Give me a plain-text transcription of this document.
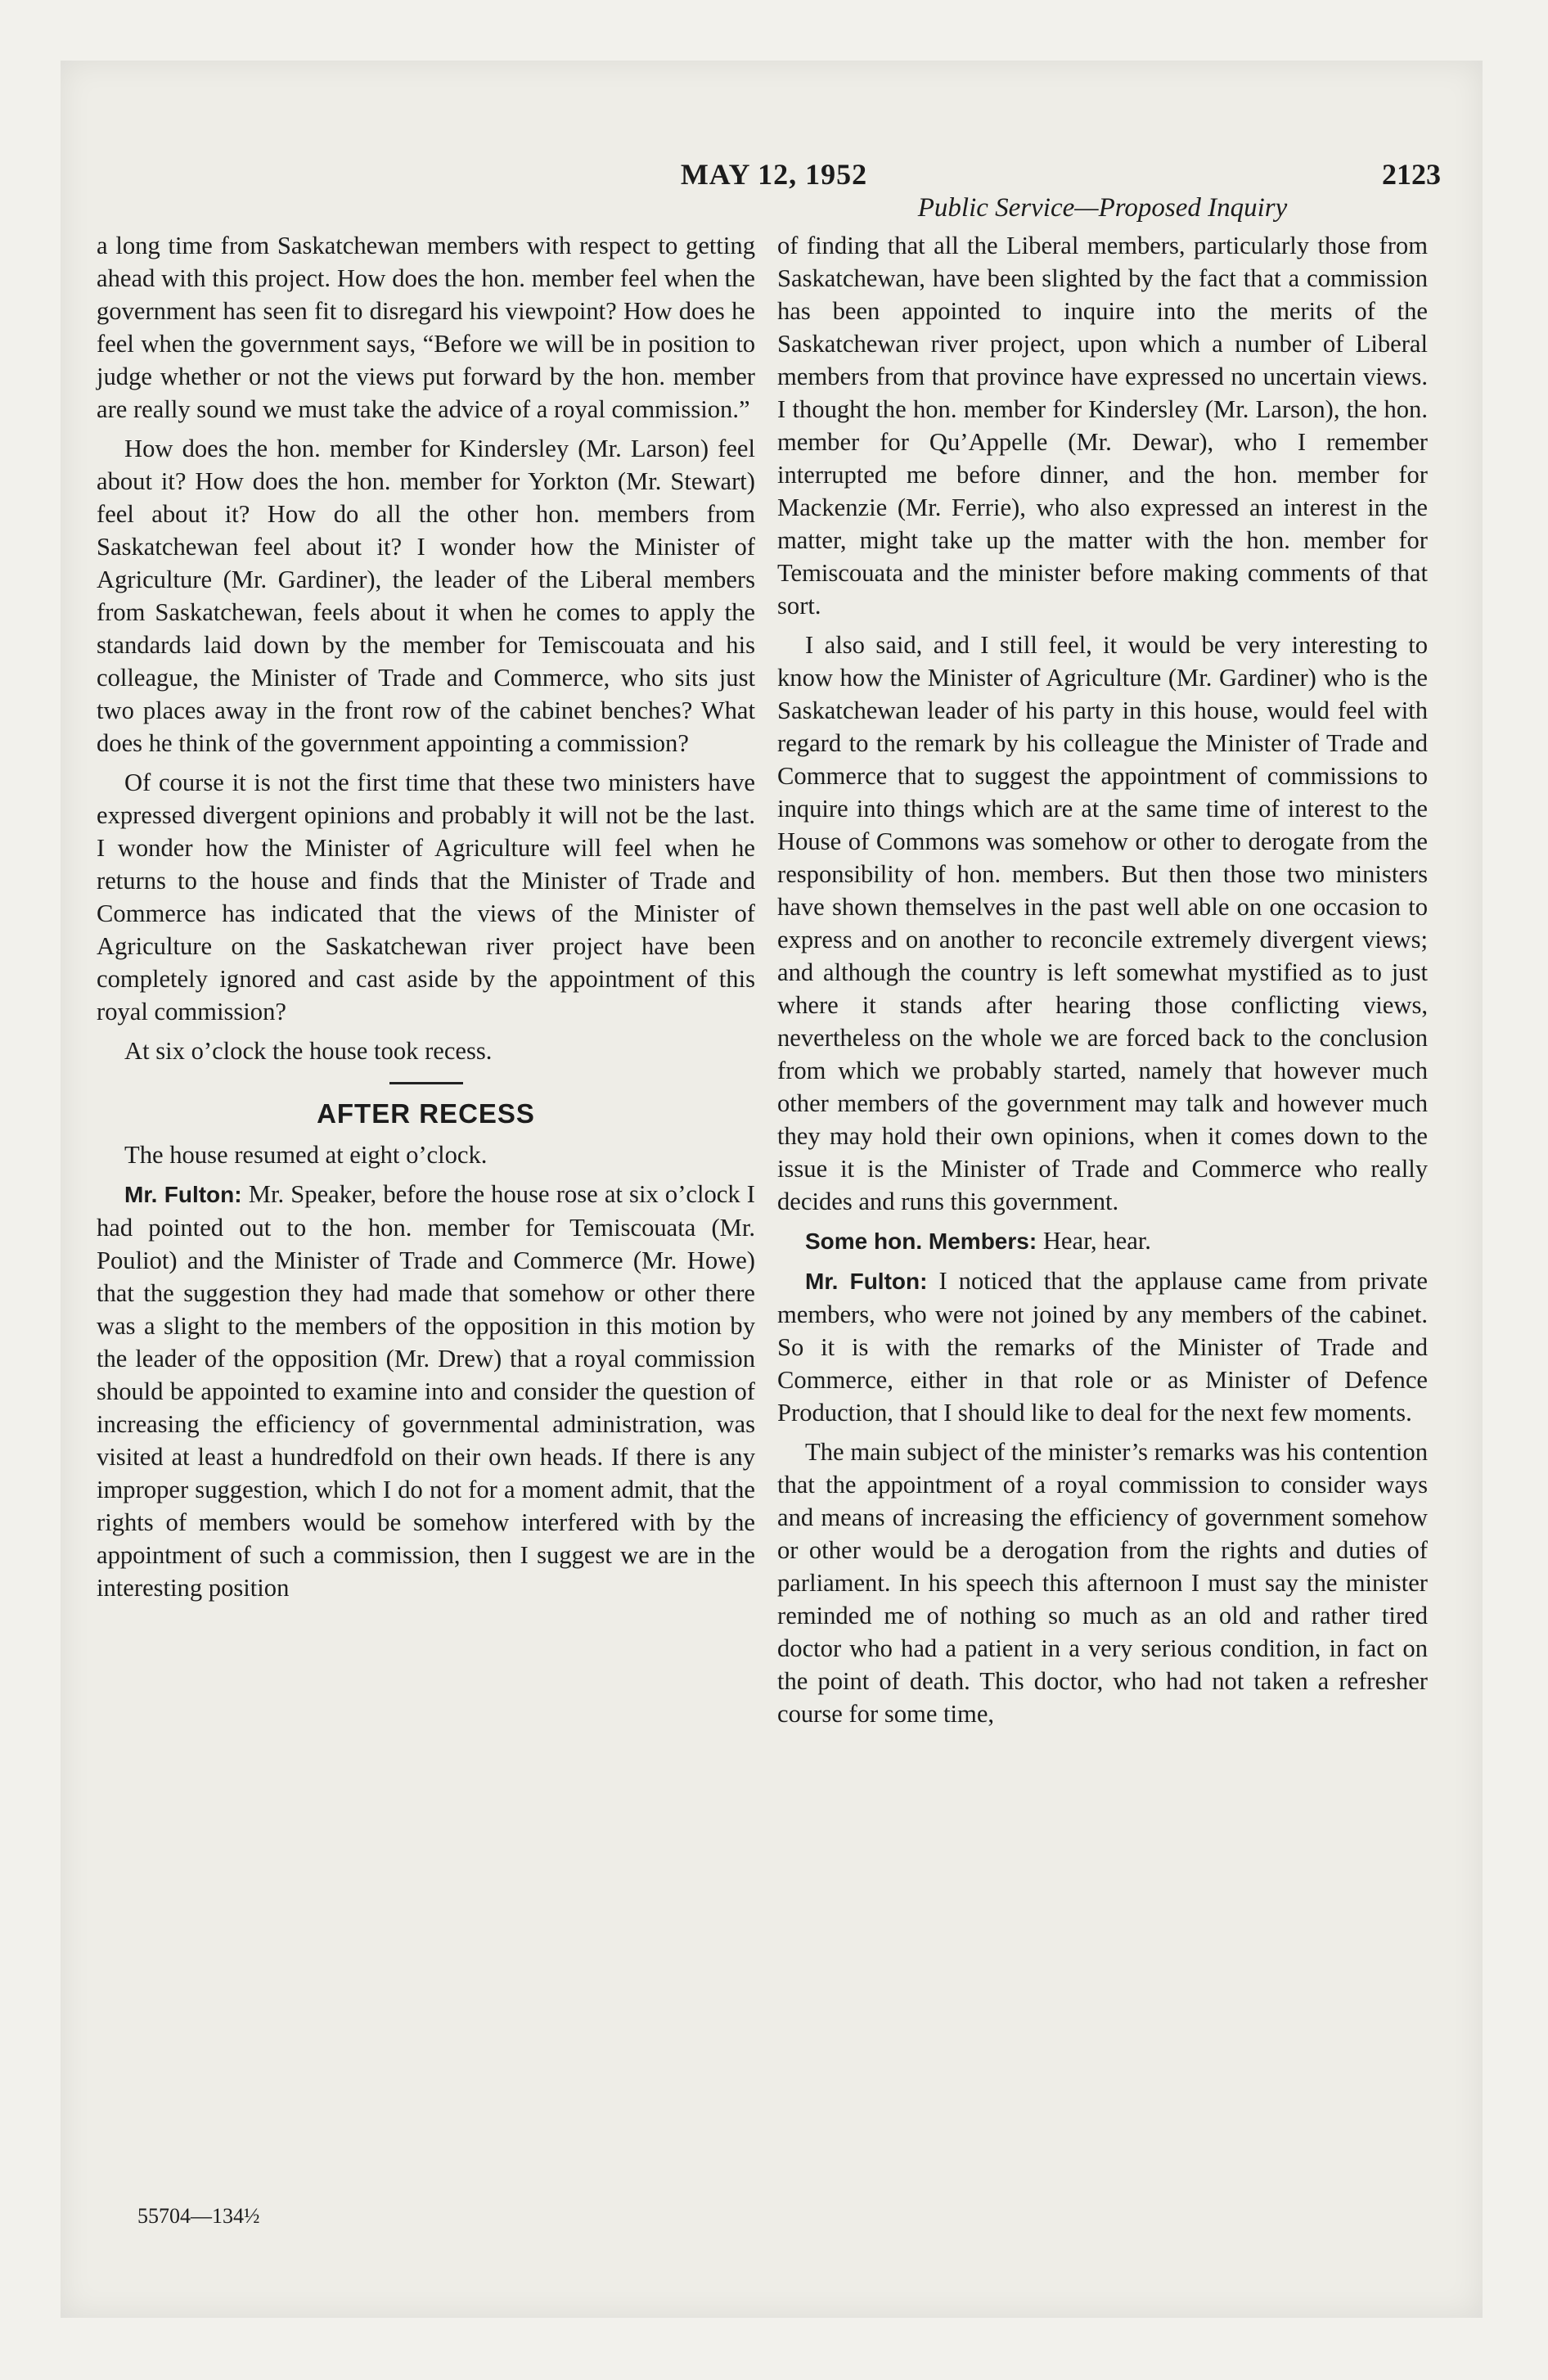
MAY 12, 1952	2123
Public Service—Proposed Inquiry

a long time from Saskatchewan members with respect to getting ahead with this project. How does the hon. member feel when the government has seen fit to disregard his viewpoint? How does he feel when the government says, “Before we will be in position to judge whether or not the views put forward by the hon. member are really sound we must take the advice of a royal commission.”

How does the hon. member for Kindersley (Mr. Larson) feel about it? How does the hon. member for Yorkton (Mr. Stewart) feel about it? How do all the other hon. members from Saskatchewan feel about it? I wonder how the Minister of Agriculture (Mr. Gardiner), the leader of the Liberal members from Saskatchewan, feels about it when he comes to apply the standards laid down by the member for Temiscouata and his colleague, the Minister of Trade and Commerce, who sits just two places away in the front row of the cabinet benches? What does he think of the government appointing a commission?

Of course it is not the first time that these two ministers have expressed divergent opinions and probably it will not be the last. I wonder how the Minister of Agriculture will feel when he returns to the house and finds that the Minister of Trade and Commerce has indicated that the views of the Minister of Agriculture on the Saskatchewan river project have been completely ignored and cast aside by the appointment of this royal commission?

At six o’clock the house took recess.

AFTER RECESS

The house resumed at eight o’clock.

Mr. Fulton: Mr. Speaker, before the house rose at six o’clock I had pointed out to the hon. member for Temiscouata (Mr. Pouliot) and the Minister of Trade and Commerce (Mr. Howe) that the suggestion they had made that somehow or other there was a slight to the members of the opposition in this motion by the leader of the opposition (Mr. Drew) that a royal commission should be appointed to examine into and consider the question of increasing the efficiency of governmental administration, was visited at least a hundredfold on their own heads. If there is any improper suggestion, which I do not for a moment admit, that the rights of members would be somehow interfered with by the appointment of such a commission, then I suggest we are in the interesting position

of finding that all the Liberal members, particularly those from Saskatchewan, have been slighted by the fact that a commission has been appointed to inquire into the merits of the Saskatchewan river project, upon which a number of Liberal members from that province have expressed no uncertain views. I thought the hon. member for Kindersley (Mr. Larson), the hon. member for Qu’Appelle (Mr. Dewar), who I remember interrupted me before dinner, and the hon. member for Mackenzie (Mr. Ferrie), who also expressed an interest in the matter, might take up the matter with the hon. member for Temiscouata and the minister before making comments of that sort.

I also said, and I still feel, it would be very interesting to know how the Minister of Agriculture (Mr. Gardiner) who is the Saskatchewan leader of his party in this house, would feel with regard to the remark by his colleague the Minister of Trade and Commerce that to suggest the appointment of commissions to inquire into things which are at the same time of interest to the House of Commons was somehow or other to derogate from the responsibility of hon. members. But then those two ministers have shown themselves in the past well able on one occasion to express and on another to reconcile extremely divergent views; and although the country is left somewhat mystified as to just where it stands after hearing those conflicting views, nevertheless on the whole we are forced back to the conclusion from which we probably started, namely that however much other members of the government may talk and however much they may hold their own opinions, when it comes down to the issue it is the Minister of Trade and Commerce who really decides and runs this government.

Some hon. Members: Hear, hear.

Mr. Fulton: I noticed that the applause came from private members, who were not joined by any members of the cabinet. So it is with the remarks of the Minister of Trade and Commerce, either in that role or as Minister of Defence Production, that I should like to deal for the next few moments.

The main subject of the minister’s remarks was his contention that the appointment of a royal commission to consider ways and means of increasing the efficiency of government somehow or other would be a derogation from the rights and duties of parliament. In his speech this afternoon I must say the minister reminded me of nothing so much as an old and rather tired doctor who had a patient in a very serious condition, in fact on the point of death. This doctor, who had not taken a refresher course for some time,

55704—134½
